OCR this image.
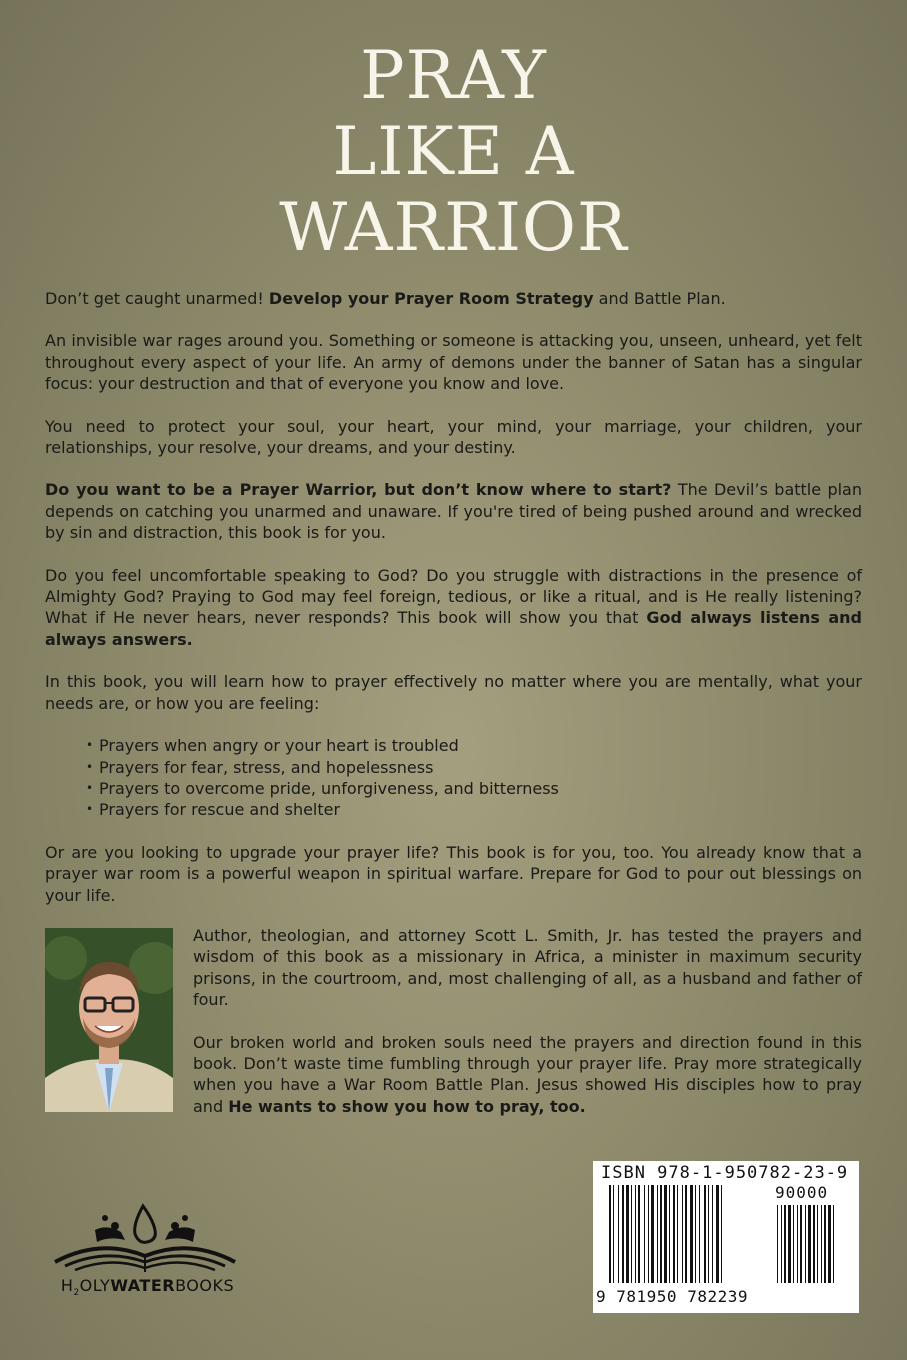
PRAY
LIKE A
WARRIOR

Don’t get caught unarmed! Develop your Prayer Room Strategy and Battle Plan.

An invisible war rages around you. Something or someone is attacking you, unseen, unheard, yet felt throughout every aspect of your life. An army of demons under the banner of Satan has a singular focus: your destruction and that of everyone you know and love.

You need to protect your soul, your heart, your mind, your marriage, your children, your relationships, your resolve, your dreams, and your destiny.

Do you want to be a Prayer Warrior, but don’t know where to start? The Devil’s battle plan depends on catching you unarmed and unaware. If you're tired of being pushed around and wrecked by sin and distraction, this book is for you.

Do you feel uncomfortable speaking to God? Do you struggle with distractions in the presence of Almighty God? Praying to God may feel foreign, tedious, or like a ritual, and is He really listening? What if He never hears, never responds? This book will show you that God always listens and always answers.

In this book, you will learn how to prayer effectively no matter where you are mentally, what your needs are, or how you are feeling:

• Prayers when angry or your heart is troubled
• Prayers for fear, stress, and hopelessness
• Prayers to overcome pride, unforgiveness, and bitterness
• Prayers for rescue and shelter

Or are you looking to upgrade your prayer life? This book is for you, too. You already know that a prayer war room is a powerful weapon in spiritual warfare. Prepare for God to pour out blessings on your life.

Author, theologian, and attorney Scott L. Smith, Jr. has tested the prayers and wisdom of this book as a missionary in Africa, a minister in maximum security prisons, in the courtroom, and, most challenging of all, as a husband and father of four.

Our broken world and broken souls need the prayers and direction found in this book. Don’t waste time fumbling through your prayer life. Pray more strategically when you have a War Room Battle Plan. Jesus showed His disciples how to pray and He wants to show you how to pray, too.

$H_2OLYWATERBOOKS$
ISBN 978-1-950782-23-9
90000
9 781950 782239
